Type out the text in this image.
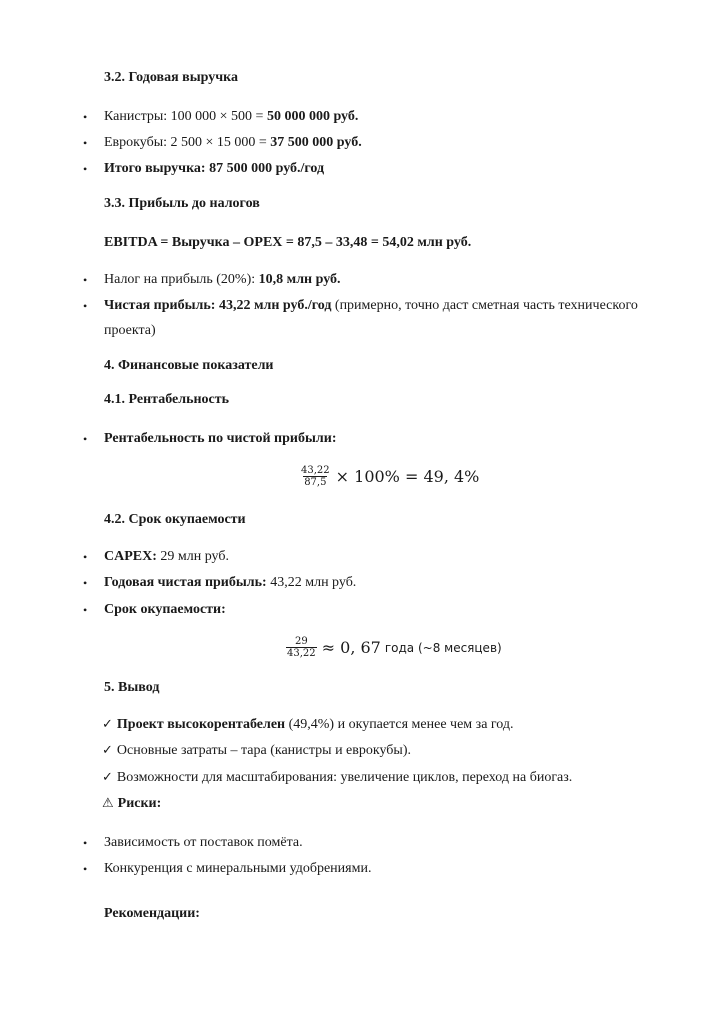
3.2. Годовая выручка
• Канистры: 100 000 × 500 = 50 000 000 руб.
• Еврокубы: 2 500 × 15 000 = 37 500 000 руб.
• Итого выручка: 87 500 000 руб./год
3.3. Прибыль до налогов
EBITDA = Выручка – OPEX = 87,5 – 33,48 = 54,02 млн руб.
• Налог на прибыль (20%): 10,8 млн руб.
• Чистая прибыль: 43,22 млн руб./год (примерно, точно даст сметная часть технического
проекта)
4. Финансовые показатели
4.1. Рентабельность
• Рентабельность по чистой прибыли:
$\frac{43,22}{87,5} \times 100\% = 49$, 4%
4.2. Срок окупаемости
• CAPEX: 29 млн руб.
• Годовая чистая прибыль: 43,22 млн руб.
• Срок окупаемости:
$\frac{29}{43,22} \approx 0$, 67 года (~8 месяцев)
5. Вывод
✓ Проект высокорентабелен (49,4%) и окупается менее чем за год.
✓ Основные затраты – тара (канистры и еврокубы).
✓ Возможности для масштабирования: увеличение циклов, переход на биогаз.
⚠ Риски:
• Зависимость от поставок помёта.
• Конкуренция с минеральными удобрениями.
Рекомендации:
